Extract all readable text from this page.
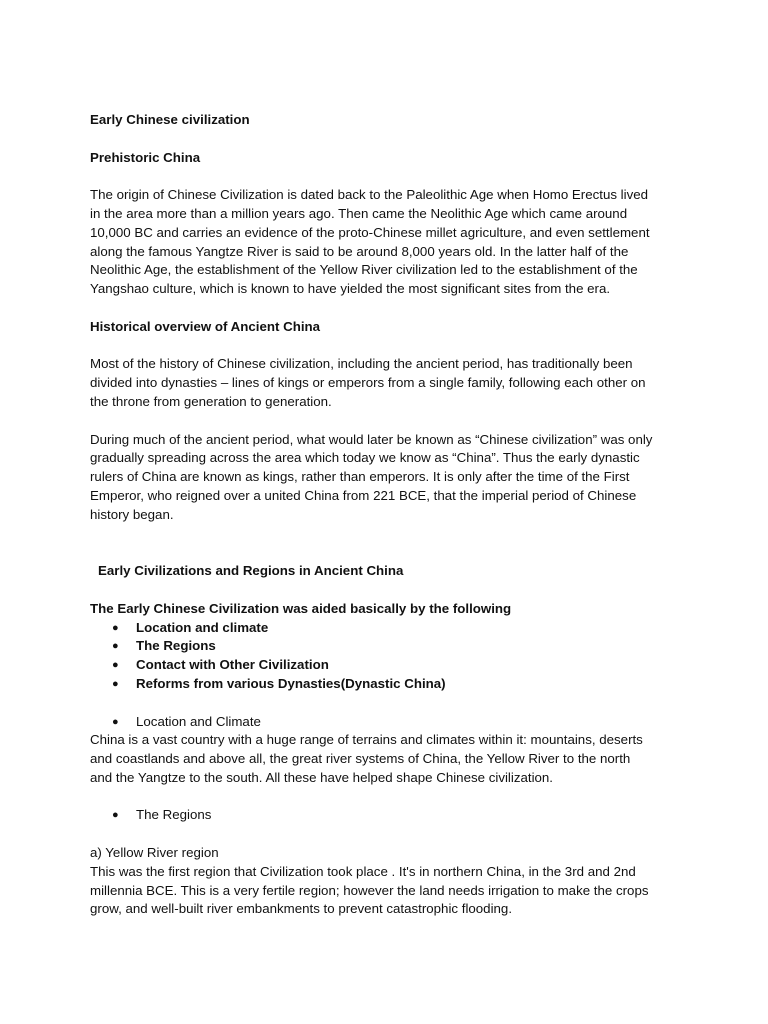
Early Chinese civilization
Prehistoric China
The origin of Chinese Civilization is dated back to the Paleolithic Age when Homo Erectus lived
in the area more than a million years ago. Then came the Neolithic Age which came around
10,000 BC and carries an evidence of the proto-Chinese millet agriculture, and even settlement
along the famous Yangtze River is said to be around 8,000 years old. In the latter half of the
Neolithic Age, the establishment of the Yellow River civilization led to the establishment of the
Yangshao culture, which is known to have yielded the most significant sites from the era.
Historical overview of Ancient China
Most of the history of Chinese civilization, including the ancient period, has traditionally been
divided into dynasties – lines of kings or emperors from a single family, following each other on
the throne from generation to generation.
During much of the ancient period, what would later be known as “Chinese civilization” was only
gradually spreading across the area which today we know as “China”. Thus the early dynastic
rulers of China are known as kings, rather than emperors. It is only after the time of the First
Emperor, who reigned over a united China from 221 BCE, that the imperial period of Chinese
history began.
Early Civilizations and Regions in Ancient China
The Early Chinese Civilization was aided basically by the following
● Location and climate
● The Regions
● Contact with Other Civilization
● Reforms from various Dynasties(Dynastic China)
● Location and Climate
China is a vast country with a huge range of terrains and climates within it: mountains, deserts
and coastlands and above all, the great river systems of China, the Yellow River to the north
and the Yangtze to the south. All these have helped shape Chinese civilization.
● The Regions
a) Yellow River region
This was the first region that Civilization took place . It's in northern China, in the 3rd and 2nd
millennia BCE. This is a very fertile region; however the land needs irrigation to make the crops
grow, and well-built river embankments to prevent catastrophic flooding.
